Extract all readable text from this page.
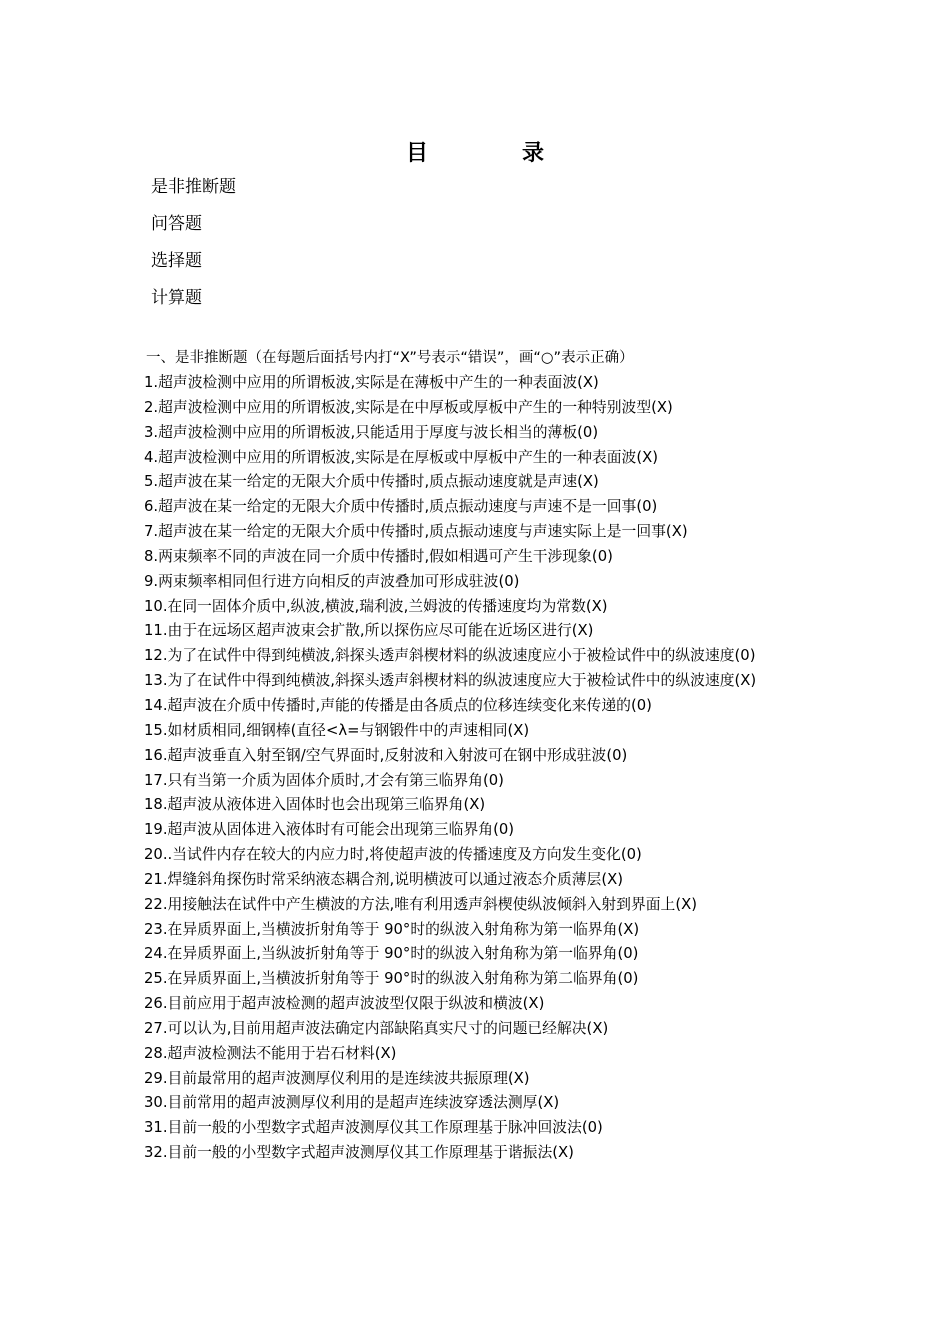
目　录
是非推断题
问答题
选择题
计算题
一、是非推断题（在每题后面括号内打“X”号表示“错误”，画“○”表示正确）
1.超声波检测中应用的所谓板波,实际是在薄板中产生的一种表面波(X)
2.超声波检测中应用的所谓板波,实际是在中厚板或厚板中产生的一种特别波型(X)
3.超声波检测中应用的所谓板波,只能适用于厚度与波长相当的薄板(0)
4.超声波检测中应用的所谓板波,实际是在厚板或中厚板中产生的一种表面波(X)
5.超声波在某一给定的无限大介质中传播时,质点振动速度就是声速(X)
6.超声波在某一给定的无限大介质中传播时,质点振动速度与声速不是一回事(0)
7.超声波在某一给定的无限大介质中传播时,质点振动速度与声速实际上是一回事(X)
8.两束频率不同的声波在同一介质中传播时,假如相遇可产生干涉现象(0)
9.两束频率相同但行进方向相反的声波叠加可形成驻波(0)
10.在同一固体介质中,纵波,横波,瑞利波,兰姆波的传播速度均为常数(X)
11.由于在远场区超声波束会扩散,所以探伤应尽可能在近场区进行(X)
12.为了在试件中得到纯横波,斜探头透声斜楔材料的纵波速度应小于被检试件中的纵波速度(0)
13.为了在试件中得到纯横波,斜探头透声斜楔材料的纵波速度应大于被检试件中的纵波速度(X)
14.超声波在介质中传播时,声能的传播是由各质点的位移连续变化来传递的(0)
15.如材质相同,细钢棒(直径<λ=与钢锻件中的声速相同(X)
16.超声波垂直入射至钢/空气界面时,反射波和入射波可在钢中形成驻波(0)
17.只有当第一介质为固体介质时,才会有第三临界角(0)
18.超声波从液体进入固体时也会出现第三临界角(X)
19.超声波从固体进入液体时有可能会出现第三临界角(0)
20..当试件内存在较大的内应力时,将使超声波的传播速度及方向发生变化(0)
21.焊缝斜角探伤时常采纳液态耦合剂,说明横波可以通过液态介质薄层(X)
22.用接触法在试件中产生横波的方法,唯有利用透声斜楔使纵波倾斜入射到界面上(X)
23.在异质界面上,当横波折射角等于 90°时的纵波入射角称为第一临界角(X)
24.在异质界面上,当纵波折射角等于 90°时的纵波入射角称为第一临界角(0)
25.在异质界面上,当横波折射角等于 90°时的纵波入射角称为第二临界角(0)
26.目前应用于超声波检测的超声波波型仅限于纵波和横波(X)
27.可以认为,目前用超声波法确定内部缺陷真实尺寸的问题已经解决(X)
28.超声波检测法不能用于岩石材料(X)
29.目前最常用的超声波测厚仪利用的是连续波共振原理(X)
30.目前常用的超声波测厚仪利用的是超声连续波穿透法测厚(X)
31.目前一般的小型数字式超声波测厚仪其工作原理基于脉冲回波法(0)
32.目前一般的小型数字式超声波测厚仪其工作原理基于谐振法(X)
